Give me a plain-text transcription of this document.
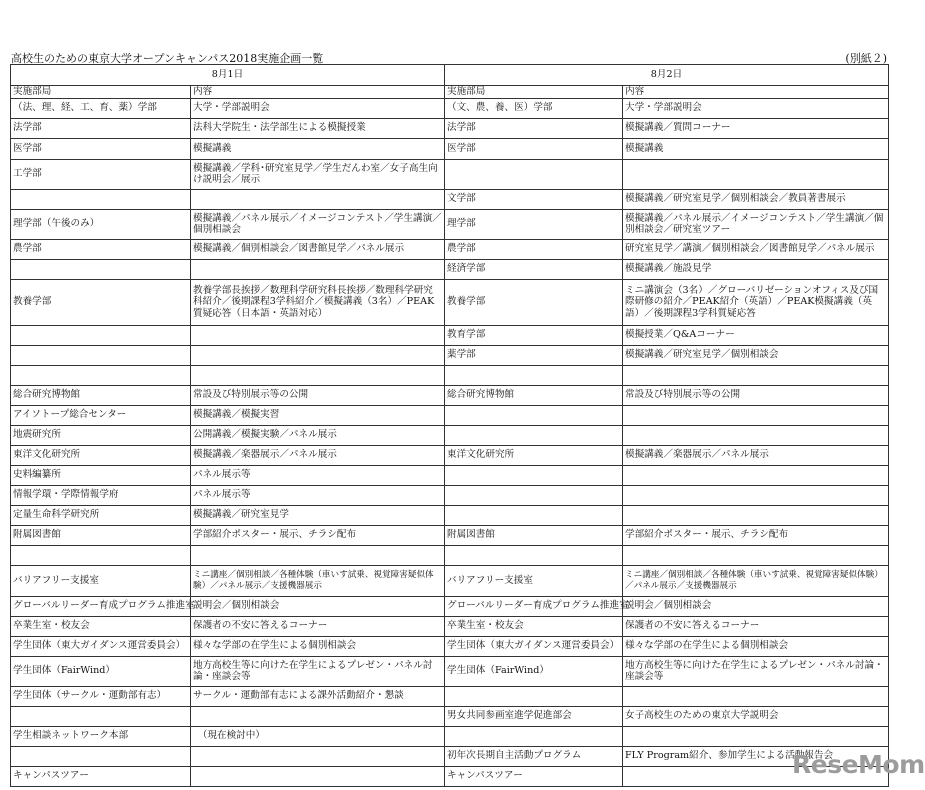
高校生のための東京大学オープンキャンパス2018実施企画一覧	(別紙２)
8月1日		8月2日	
実施部局	内容	実施部局	内容
（法、理、経、工、育、薬）学部	大学・学部説明会	（文、農、養、医）学部	大学・学部説明会
法学部	法科大学院生・法学部生による模擬授業	法学部	模擬講義／質問コーナー
医学部	模擬講義	医学部	模擬講義
工学部	模擬講義／学科･研究室見学／学生だんわ室／女子高生向け説明会／展示		
		文学部	模擬講義／研究室見学／個別相談会／教員著書展示
理学部（午後のみ）	模擬講義／パネル展示／イメージコンテスト／学生講演／個別相談会	理学部	模擬講義／パネル展示／イメージコンテスト／学生講演／個別相談会／研究室ツアー
農学部	模擬講義／個別相談会／図書館見学／パネル展示	農学部	研究室見学／講演／個別相談会／図書館見学／パネル展示
		経済学部	模擬講義／施設見学
教養学部	教養学部長挨拶／数理科学研究科長挨拶／数理科学研究科紹介／後期課程3学科紹介／模擬講義（3名）／PEAK質疑応答（日本語・英語対応）	教養学部	ミニ講演会（3名）／グローバリゼーションオフィス及び国際研修の紹介／PEAK紹介（英語）／PEAK模擬講義（英語）／後期課程3学科質疑応答
		教育学部	模擬授業／Q&Aコーナー
		薬学部	模擬講義／研究室見学／個別相談会

総合研究博物館	常設及び特別展示等の公開	総合研究博物館	常設及び特別展示等の公開
アイソトープ総合センター	模擬講義／模擬実習		
地震研究所	公開講義／模擬実験／パネル展示		
東洋文化研究所	模擬講義／楽器展示／パネル展示	東洋文化研究所	模擬講義／楽器展示／パネル展示
史料編纂所	パネル展示等		
情報学環・学際情報学府	パネル展示等		
定量生命科学研究所	模擬講義／研究室見学		
附属図書館	学部紹介ポスター・展示、チラシ配布	附属図書館	学部紹介ポスター・展示、チラシ配布

バリアフリー支援室	ミニ講座／個別相談／各種体験（車いす試乗、視覚障害疑似体験）／パネル展示／支援機器展示	バリアフリー支援室	ミニ講座／個別相談／各種体験（車いす試乗、視覚障害疑似体験）／パネル展示／支援機器展示
グローバルリーダー育成プログラム推進室	説明会／個別相談会	グローバルリーダー育成プログラム推進室	説明会／個別相談会
卒業生室・校友会	保護者の不安に答えるコーナー	卒業生室・校友会	保護者の不安に答えるコーナー
学生団体（東大ガイダンス運営委員会）	様々な学部の在学生による個別相談会	学生団体（東大ガイダンス運営委員会）	様々な学部の在学生による個別相談会
学生団体（FairWind）	地方高校生等に向けた在学生によるプレゼン・パネル討論・座談会等	学生団体（FairWind）	地方高校生等に向けた在学生によるプレゼン・パネル討論・座談会等
学生団体（サークル・運動部有志）	サークル・運動部有志による課外活動紹介・懇談		
		男女共同参画室進学促進部会	女子高校生のための東京大学説明会
学生相談ネットワーク本部	　（現在検討中）		
		初年次長期自主活動プログラム	FLY Program紹介、参加学生による活動報告会
キャンパスツアー		キャンパスツアー		ReseMom
